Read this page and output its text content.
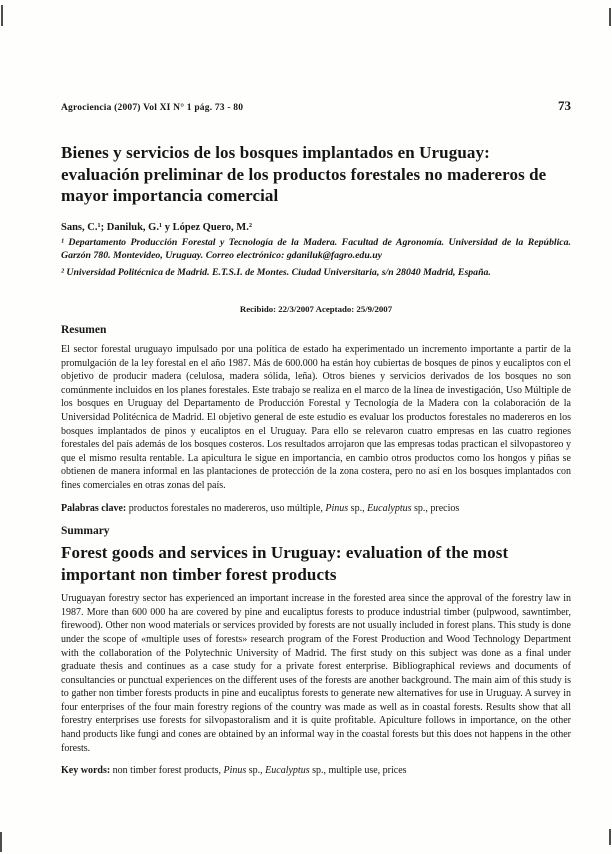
Agrociencia (2007) Vol XI N° 1 pág. 73 - 80	73
Bienes y servicios de los bosques implantados en Uruguay: evaluación preliminar de los productos forestales no madereros de mayor importancia comercial

Sans, C.¹; Daniluk, G.¹ y López Quero, M.²

¹ Departamento Producción Forestal y Tecnología de la Madera. Facultad de Agronomía. Universidad de la República. Garzón 780. Montevideo, Uruguay. Correo electrónico: gdaniluk@fagro.edu.uy

² Universidad Politécnica de Madrid. E.T.S.I. de Montes. Ciudad Universitaria, s/n 28040 Madrid, España.

Recibido: 22/3/2007 Aceptado: 25/9/2007

Resumen

El sector forestal uruguayo impulsado por una política de estado ha experimentado un incremento importante a partir de la promulgación de la ley forestal en el año 1987. Más de 600.000 ha están hoy cubiertas de bosques de pinos y eucaliptos con el objetivo de producir madera (celulosa, madera sólida, leña). Otros bienes y servicios derivados de los bosques no son comúnmente incluidos en los planes forestales. Este trabajo se realiza en el marco de la línea de investigación, Uso Múltiple de los bosques en Uruguay del Departamento de Producción Forestal y Tecnología de la Madera con la colaboración de la Universidad Politécnica de Madrid. El objetivo general de este estudio es evaluar los productos forestales no madereros en los bosques implantados de pinos y eucaliptos en el Uruguay. Para ello se relevaron cuatro empresas en las cuatro regiones forestales del país además de los bosques costeros. Los resultados arrojaron que las empresas todas practican el silvopastoreo y que el mismo resulta rentable. La apicultura le sigue en importancia, en cambio otros productos como los hongos y piñas se obtienen de manera informal en las plantaciones de protección de la zona costera, pero no así en los bosques implantados con fines comerciales en otras zonas del país.

Palabras clave: productos forestales no madereros, uso múltiple, Pinus sp., Eucalyptus sp., precios

Summary
Forest goods and services in Uruguay: evaluation of the most important non timber forest products

Uruguayan forestry sector has experienced an important increase in the forested area since the approval of the forestry law in 1987. More than 600 000 ha are covered by pine and eucaliptus forests to produce industrial timber (pulpwood, sawntimber, firewood). Other non wood materials or services provided by forests are not usually included in forest plans. This study is done under the scope of «multiple uses of forests» research program of the Forest Production and Wood Technology Department with the collaboration of the Polytechnic University of Madrid. The first study on this subject was done as a final under graduate thesis and continues as a case study for a private forest enterprise. Bibliographical reviews and documents of consultancies or punctual experiences on the different uses of the forests are another background. The main aim of this study is to gather non timber forests products in pine and eucaliptus forests to generate new alternatives for use in Uruguay. A survey in four enterprises of the four main forestry regions of the country was made as well as in coastal forests. Results show that all forestry enterprises use forests for silvopastoralism and it is quite profitable. Apiculture follows in importance, on the other hand products like fungi and cones are obtained by an informal way in the coastal forests but this does not happens in the other forests.

Key words: non timber forest products, Pinus sp., Eucalyptus sp., multiple use, prices
